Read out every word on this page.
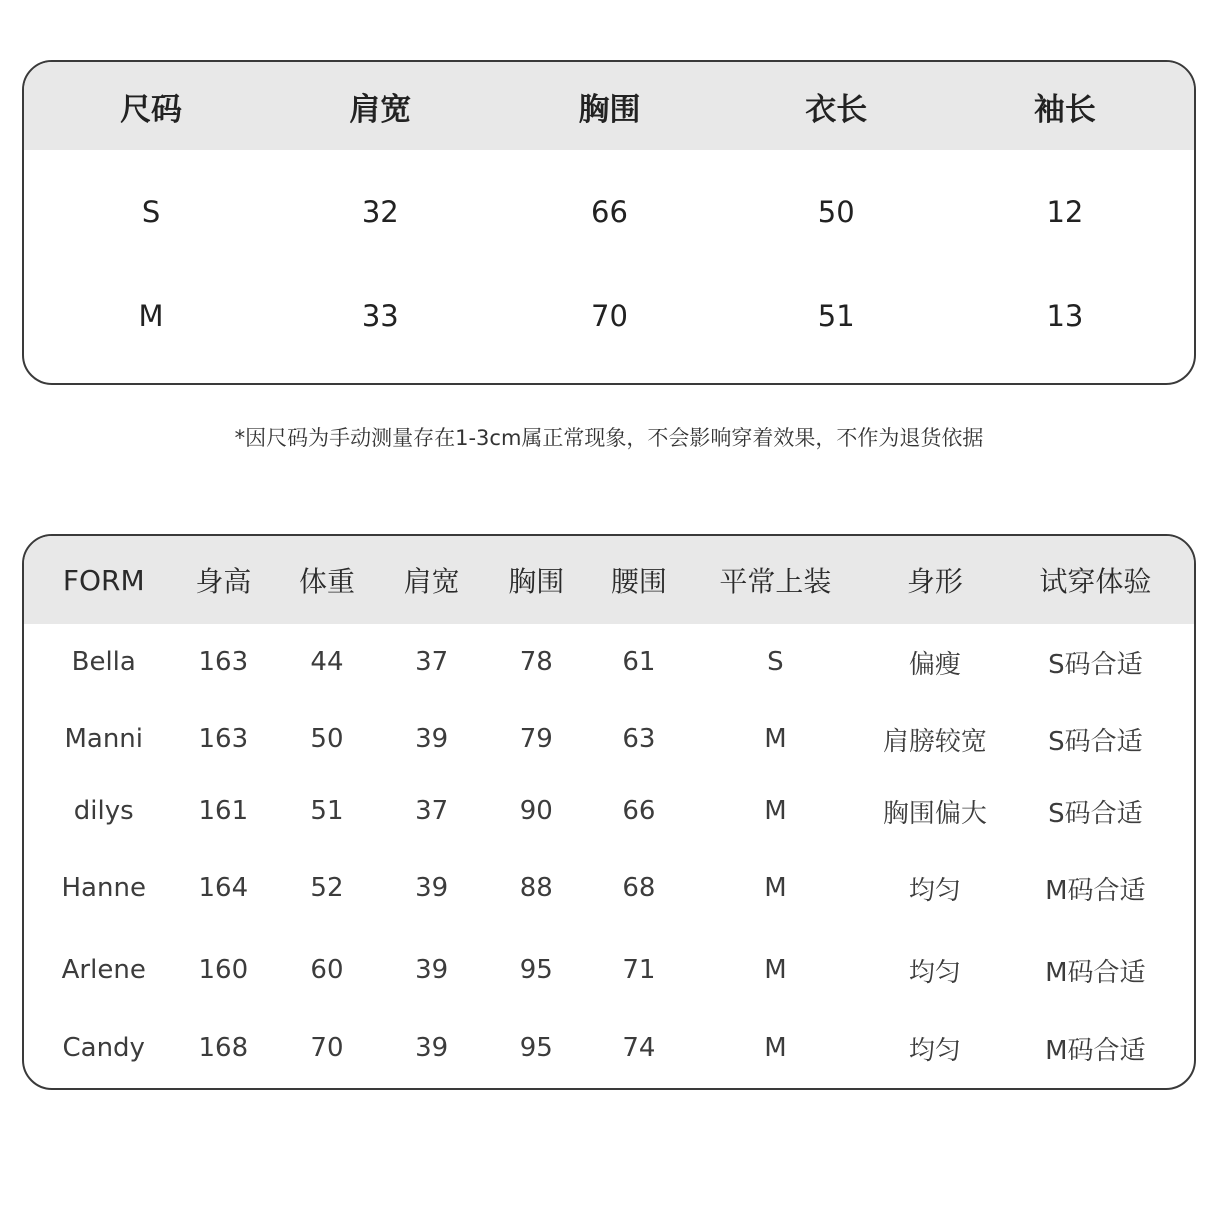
尺码	肩宽	胸围	衣长	袖长
S	32	66	50	12
M	33	70	51	13
*因尺码为手动测量存在1-3cm属正常现象，不会影响穿着效果，不作为退货依据
FORM	身高	体重	肩宽	胸围	腰围	平常上装	身形	试穿体验
Bella	163	44	37	78	61	S	偏瘦	S码合适
Manni	163	50	39	79	63	M	肩膀较宽	S码合适
dilys	161	51	37	90	66	M	胸围偏大	S码合适
Hanne	164	52	39	88	68	M	均匀	M码合适
Arlene	160	60	39	95	71	M	均匀	M码合适
Candy	168	70	39	95	74	M	均匀	M码合适
